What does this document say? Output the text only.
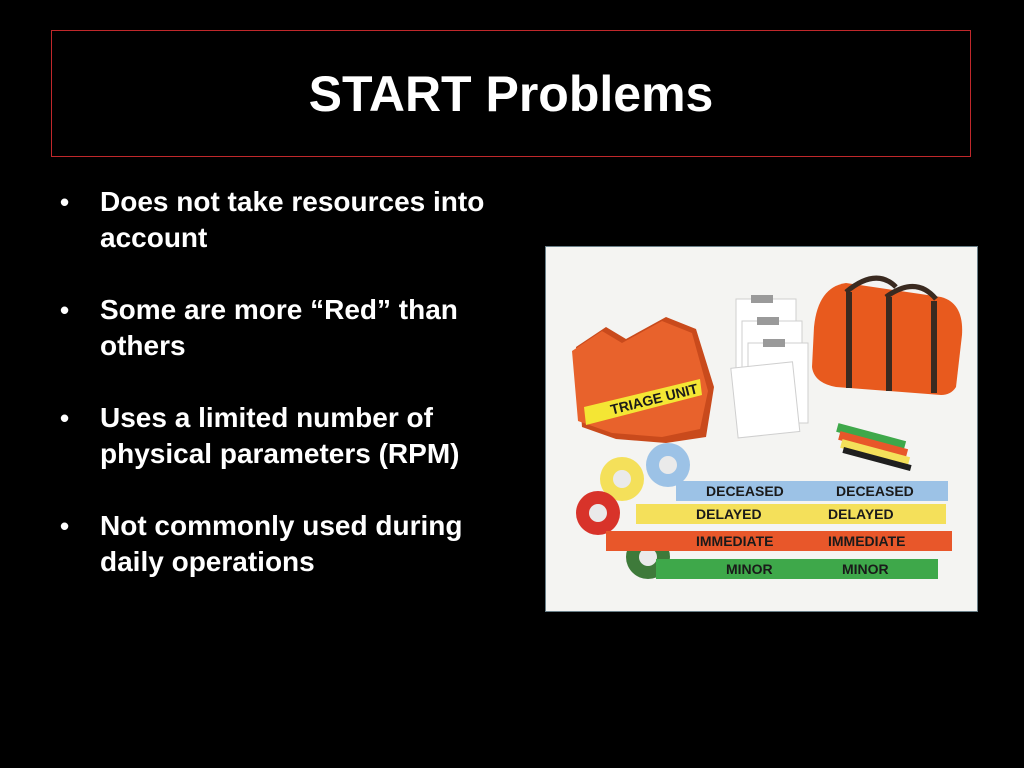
START Problems
• Does not take resources into account
• Some are more “Red” than others
• Uses a limited number of physical parameters (RPM)
• Not commonly used during daily operations
TRIAGE UNIT
DECEASED	DECEASED
DELAYED	DELAYED
IMMEDIATE	IMMEDIATE
MINOR	MINOR
